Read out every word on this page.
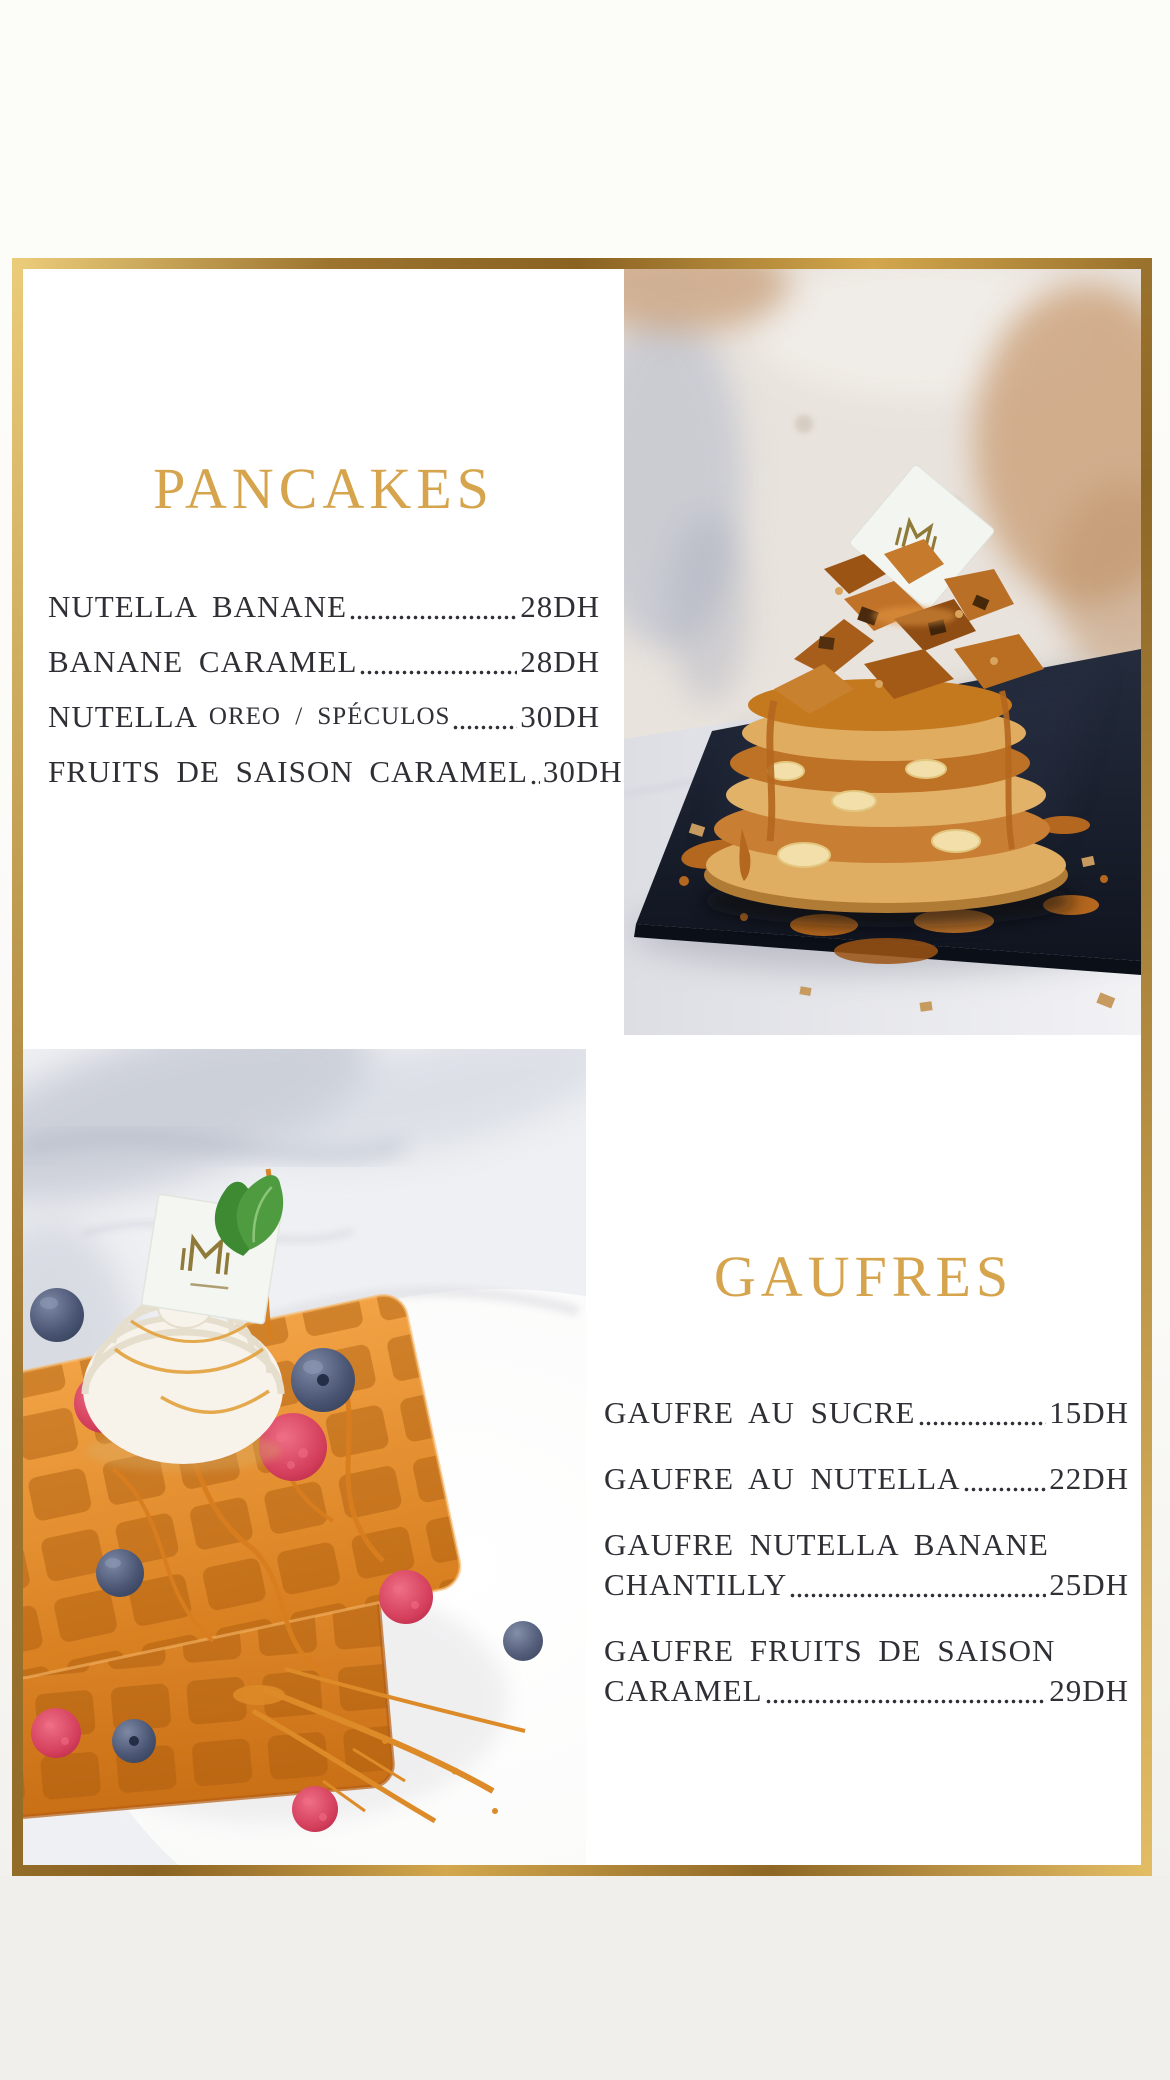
PANCAKES
NUTELLA BANANE	28DH
BANANE CARAMEL	28DH
NUTELLA OREO / SPÉCULOS 30DH
FRUITS DE SAISON CARAMEL 30DH
GAUFRES
GAUFRE AU SUCRE	15DH
GAUFRE AU NUTELLA	22DH
GAUFRE NUTELLA BANANE
CHANTILLY	25DH
GAUFRE FRUITS DE SAISON
CARAMEL	29DH
